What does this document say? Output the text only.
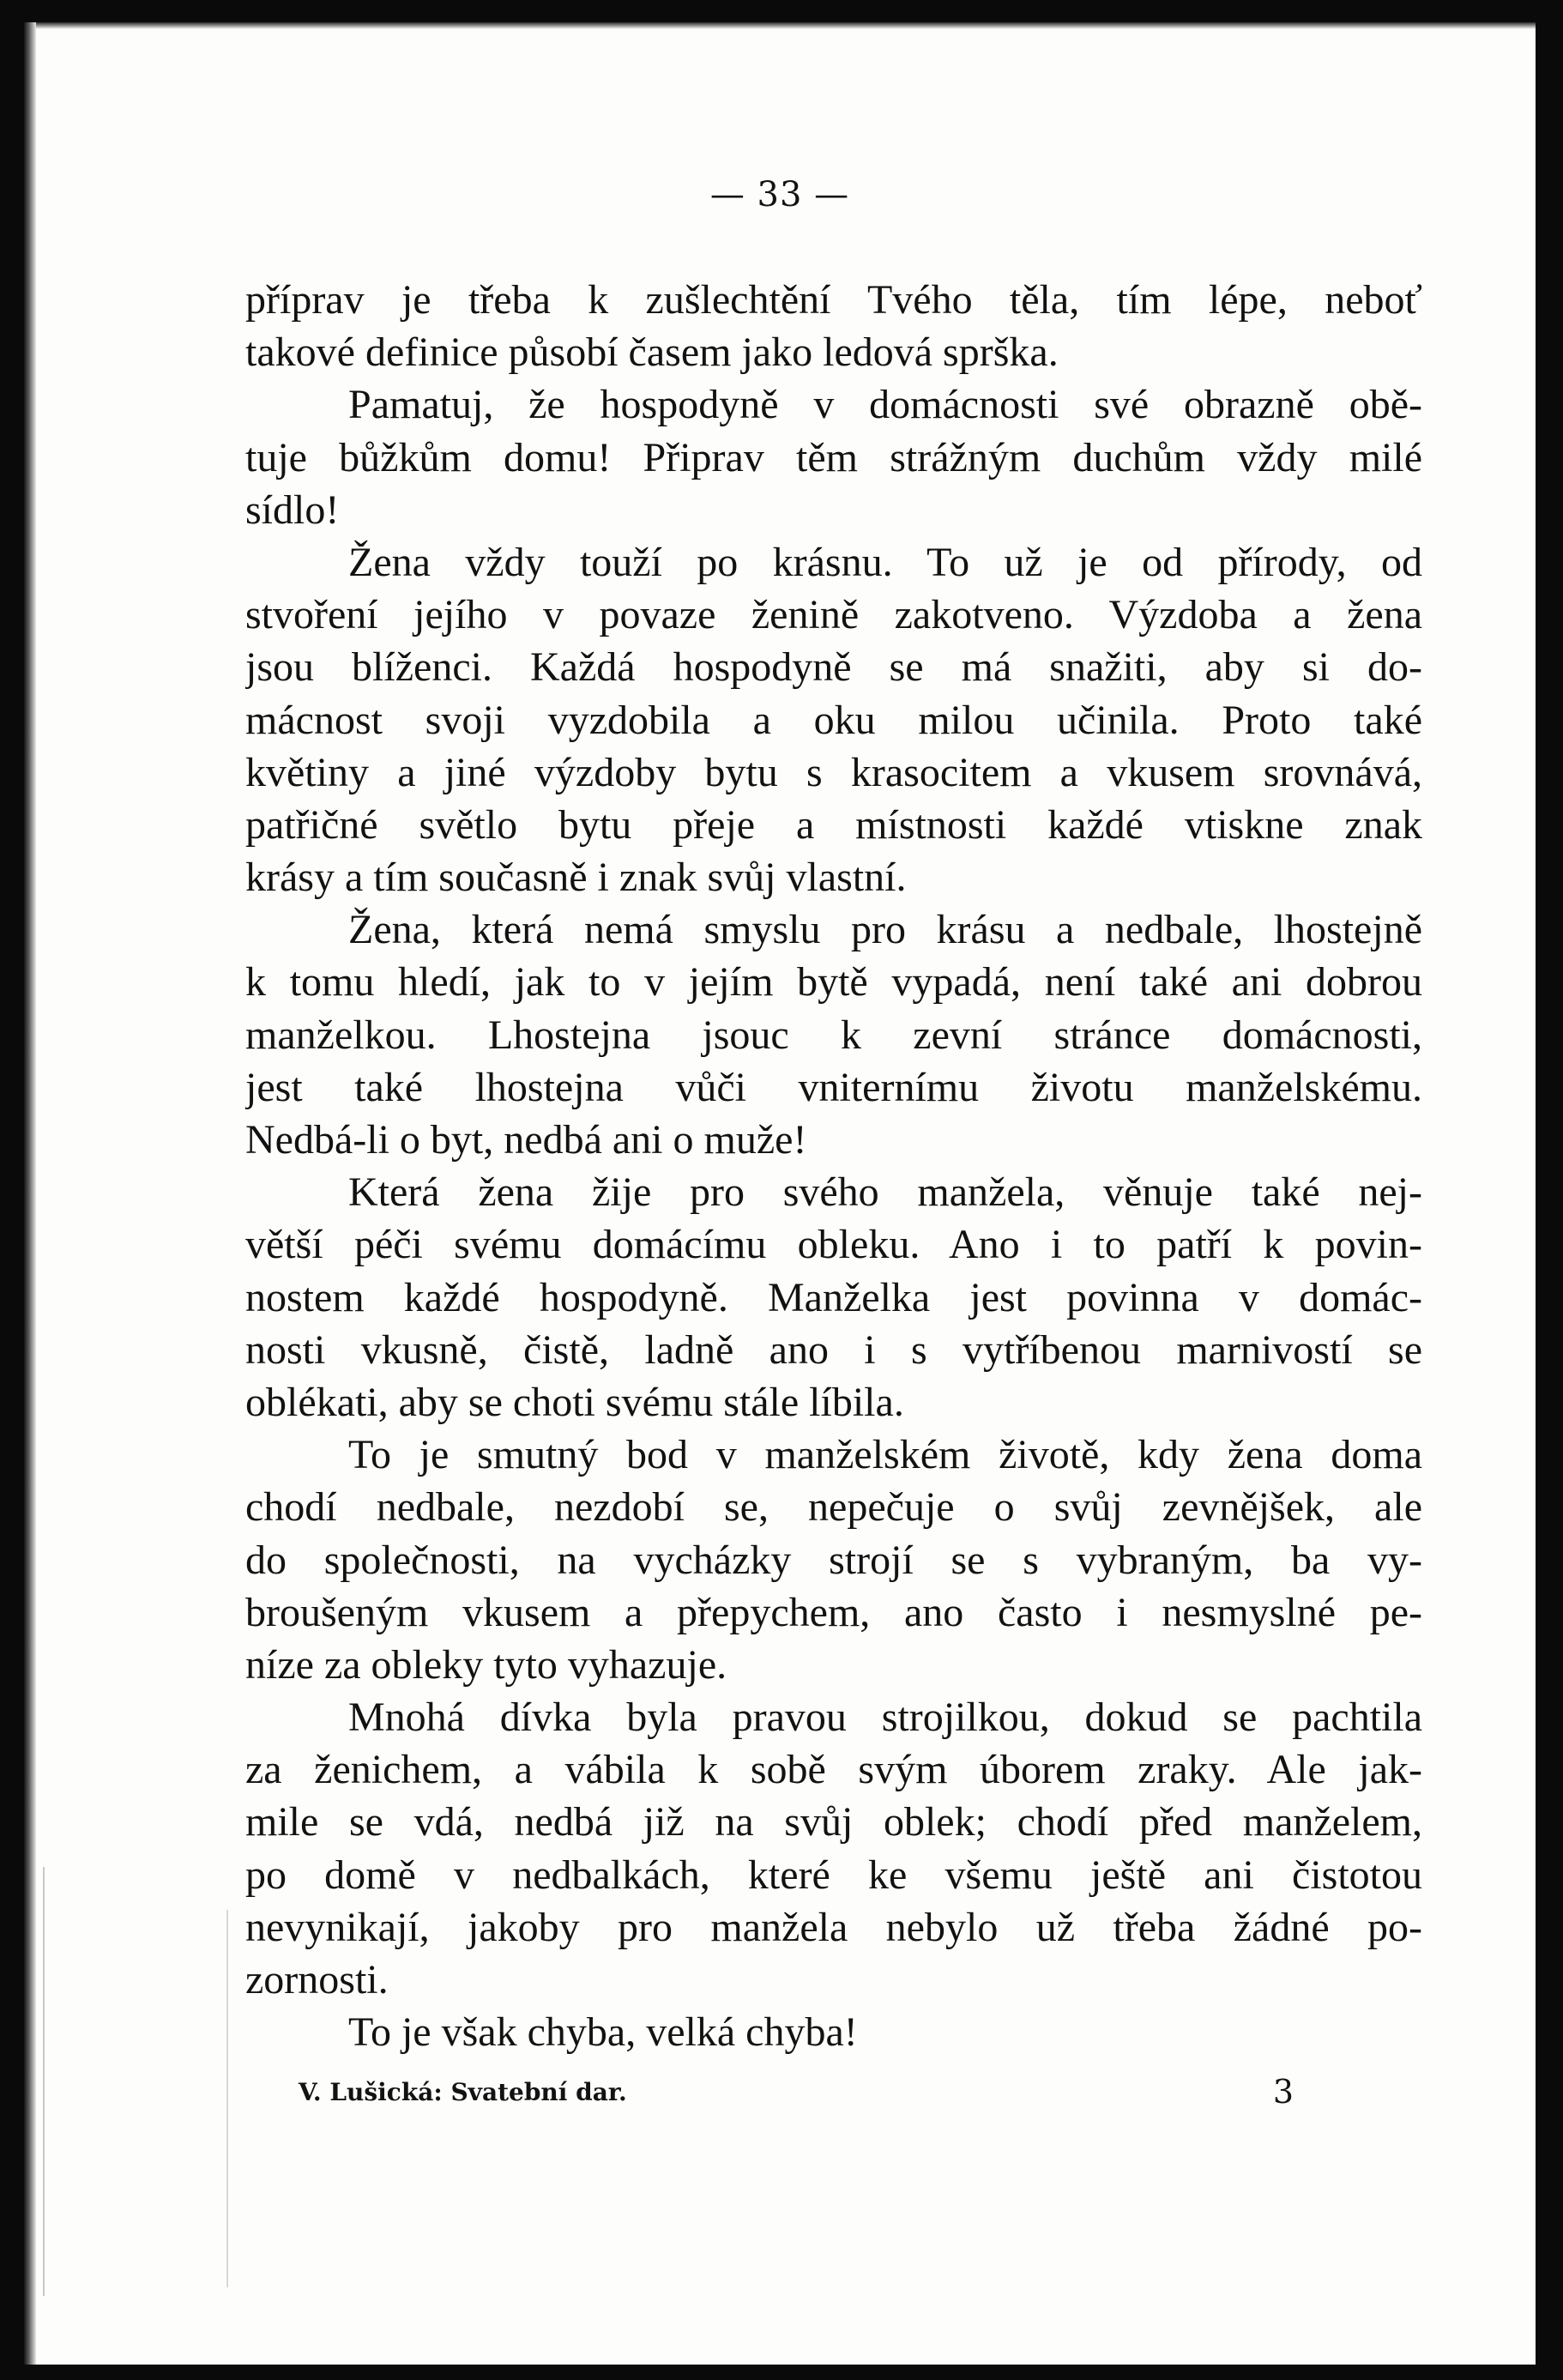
— 33 —
příprav je třeba k zušlechtění Tvého těla, tím lépe, neboť
takové definice působí časem jako ledová sprška.
Pamatuj, že hospodyně v domácnosti své obrazně obě-
tuje bůžkům domu! Připrav těm strážným duchům vždy milé
sídlo!
Žena vždy touží po krásnu. To už je od přírody, od
stvoření jejího v povaze ženině zakotveno. Výzdoba a žena
jsou blíženci. Každá hospodyně se má snažiti, aby si do-
mácnost svoji vyzdobila a oku milou učinila. Proto také
květiny a jiné výzdoby bytu s krasocitem a vkusem srovnává,
patřičné světlo bytu přeje a místnosti každé vtiskne znak
krásy a tím současně i znak svůj vlastní.
Žena, která nemá smyslu pro krásu a nedbale, lhostejně
k tomu hledí, jak to v jejím bytě vypadá, není také ani dobrou
manželkou. Lhostejna jsouc k zevní stránce domácnosti,
jest také lhostejna vůči vniternímu životu manželskému.
Nedbá-li o byt, nedbá ani o muže!
Která žena žije pro svého manžela, věnuje také nej-
větší péči svému domácímu obleku. Ano i to patří k povin-
nostem každé hospodyně. Manželka jest povinna v domác-
nosti vkusně, čistě, ladně ano i s vytříbenou marnivostí se
oblékati, aby se choti svému stále líbila.
To je smutný bod v manželském životě, kdy žena doma
chodí nedbale, nezdobí se, nepečuje o svůj zevnějšek, ale
do společnosti, na vycházky strojí se s vybraným, ba vy-
broušeným vkusem a přepychem, ano často i nesmyslné pe-
níze za obleky tyto vyhazuje.
Mnohá dívka byla pravou strojilkou, dokud se pachtila
za ženichem, a vábila k sobě svým úborem zraky. Ale jak-
mile se vdá, nedbá již na svůj oblek; chodí před manželem,
po domě v nedbalkách, které ke všemu ještě ani čistotou
nevynikají, jakoby pro manžela nebylo už třeba žádné po-
zornosti.
To je však chyba, velká chyba!
V. Lušická: Svatební dar.	3
